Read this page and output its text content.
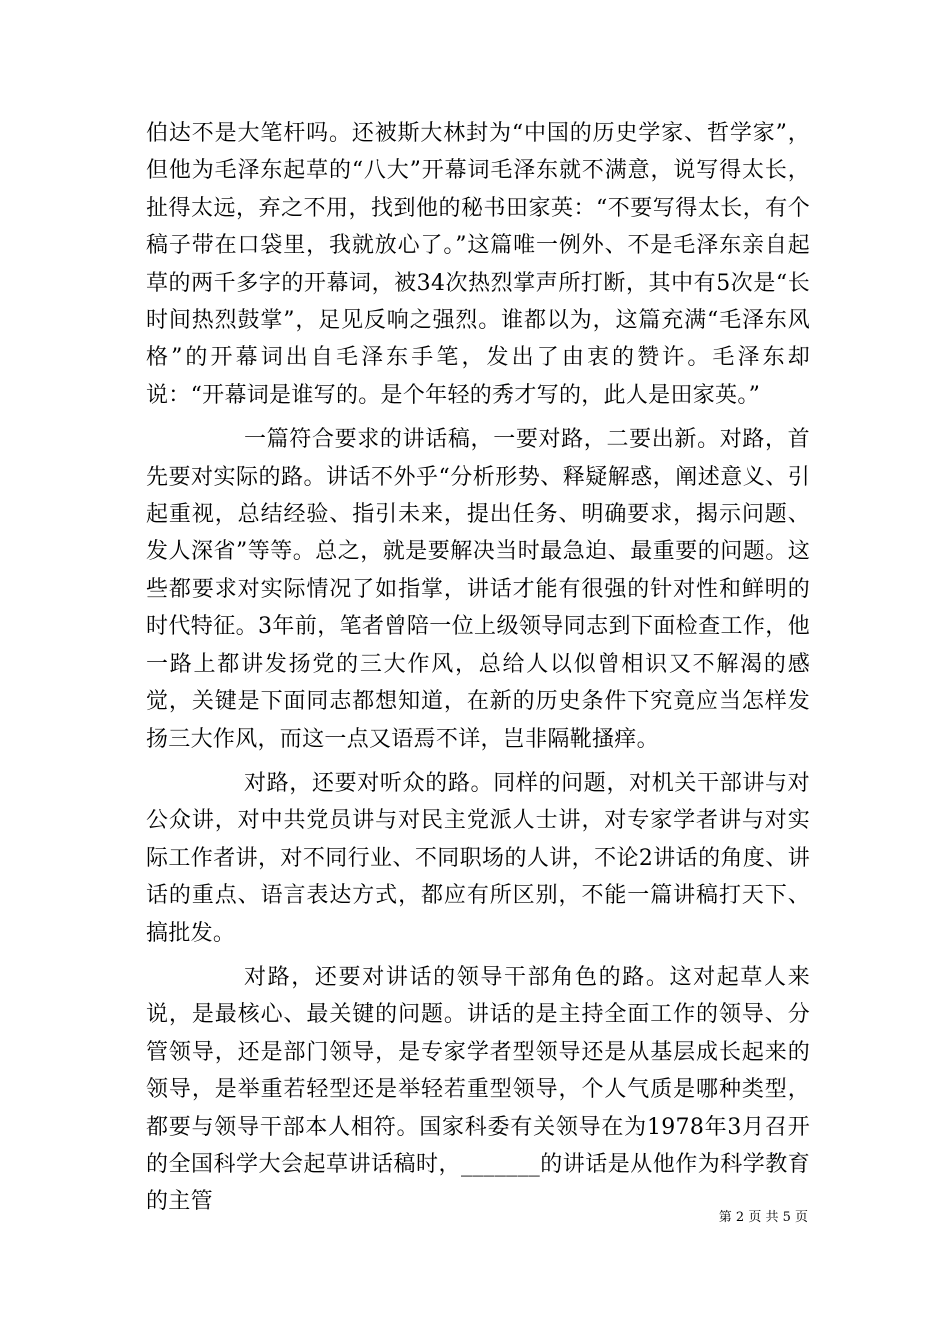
伯达不是大笔杆吗。还被斯大林封为“中国的历史学家、哲学家”，但他为毛泽东起草的“八大”开幕词毛泽东就不满意，说写得太长，扯得太远，弃之不用，找到他的秘书田家英：“不要写得太长，有个稿子带在口袋里，我就放心了。”这篇唯一例外、不是毛泽东亲自起草的两千多字的开幕词，被34次热烈掌声所打断，其中有5次是“长时间热烈鼓掌”，足见反响之强烈。谁都以为，这篇充满“毛泽东风格”的开幕词出自毛泽东手笔，发出了由衷的赞许。毛泽东却说：“开幕词是谁写的。是个年轻的秀才写的，此人是田家英。”

一篇符合要求的讲话稿，一要对路，二要出新。对路，首先要对实际的路。讲话不外乎“分析形势、释疑解惑，阐述意义、引起重视，总结经验、指引未来，提出任务、明确要求，揭示问题、发人深省”等等。总之，就是要解决当时最急迫、最重要的问题。这些都要求对实际情况了如指掌，讲话才能有很强的针对性和鲜明的时代特征。3年前，笔者曾陪一位上级领导同志到下面检查工作，他一路上都讲发扬党的三大作风，总给人以似曾相识又不解渴的感觉，关键是下面同志都想知道，在新的历史条件下究竟应当怎样发扬三大作风，而这一点又语焉不详，岂非隔靴搔痒。

对路，还要对听众的路。同样的问题，对机关干部讲与对公众讲，对中共党员讲与对民主党派人士讲，对专家学者讲与对实际工作者讲，对不同行业、不同职场的人讲，不论2讲话的角度、讲话的重点、语言表达方式，都应有所区别，不能一篇讲稿打天下、搞批发。

对路，还要对讲话的领导干部角色的路。这对起草人来说，是最核心、最关键的问题。讲话的是主持全面工作的领导、分管领导，还是部门领导，是专家学者型领导还是从基层成长起来的领导，是举重若轻型还是举轻若重型领导，个人气质是哪种类型，都要与领导干部本人相符。国家科委有关领导在为1978年3月召开的全国科学大会起草讲话稿时，_______的讲话是从他作为科学教育的主管

第 2 页 共 5 页
